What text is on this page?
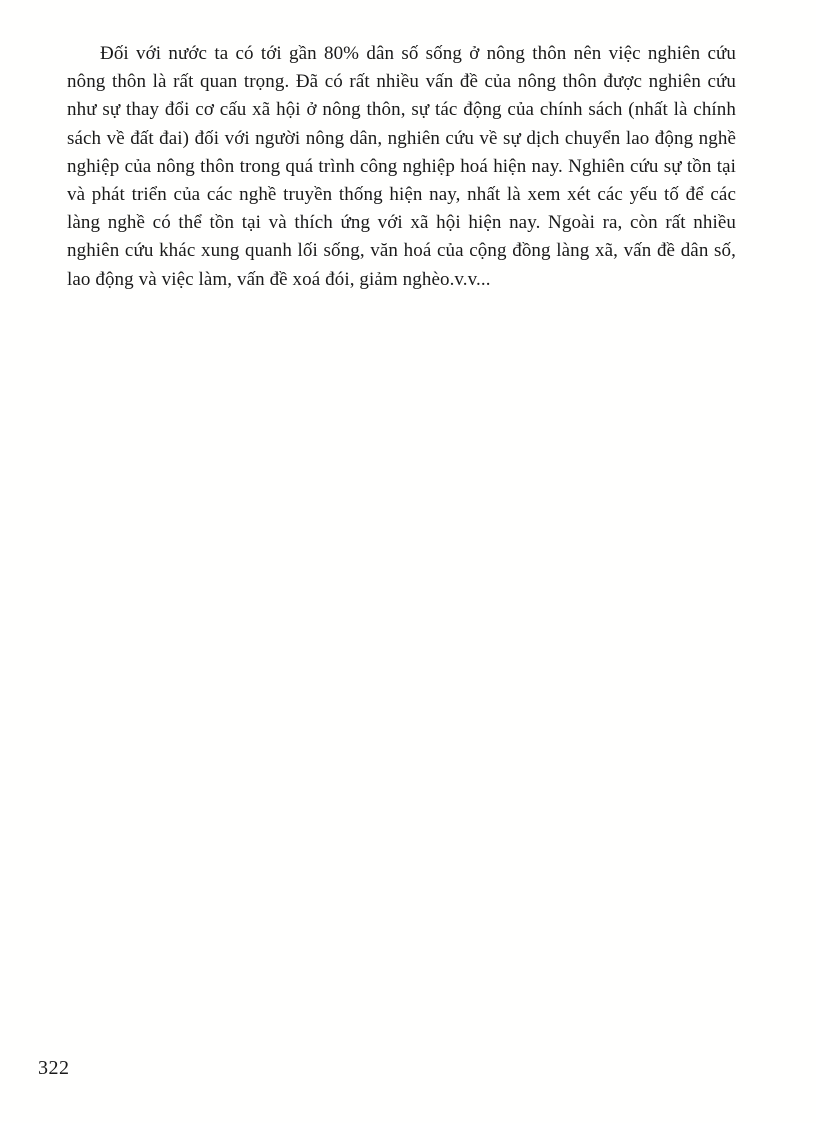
Đối với nước ta có tới gần 80% dân số sống ở nông thôn nên việc nghiên cứu nông thôn là rất quan trọng. Đã có rất nhiều vấn đề của nông thôn được nghiên cứu như sự thay đổi cơ cấu xã hội ở nông thôn, sự tác động của chính sách (nhất là chính sách về đất đai) đối với người nông dân, nghiên cứu về sự dịch chuyển lao động nghề nghiệp của nông thôn trong quá trình công nghiệp hoá hiện nay. Nghiên cứu sự tồn tại và phát triển của các nghề truyền thống hiện nay, nhất là xem xét các yếu tố để các làng nghề có thể tồn tại và thích ứng với xã hội hiện nay. Ngoài ra, còn rất nhiều nghiên cứu khác xung quanh lối sống, văn hoá của cộng đồng làng xã, vấn đề dân số, lao động và việc làm, vấn đề xoá đói, giảm nghèo.v.v...

322
